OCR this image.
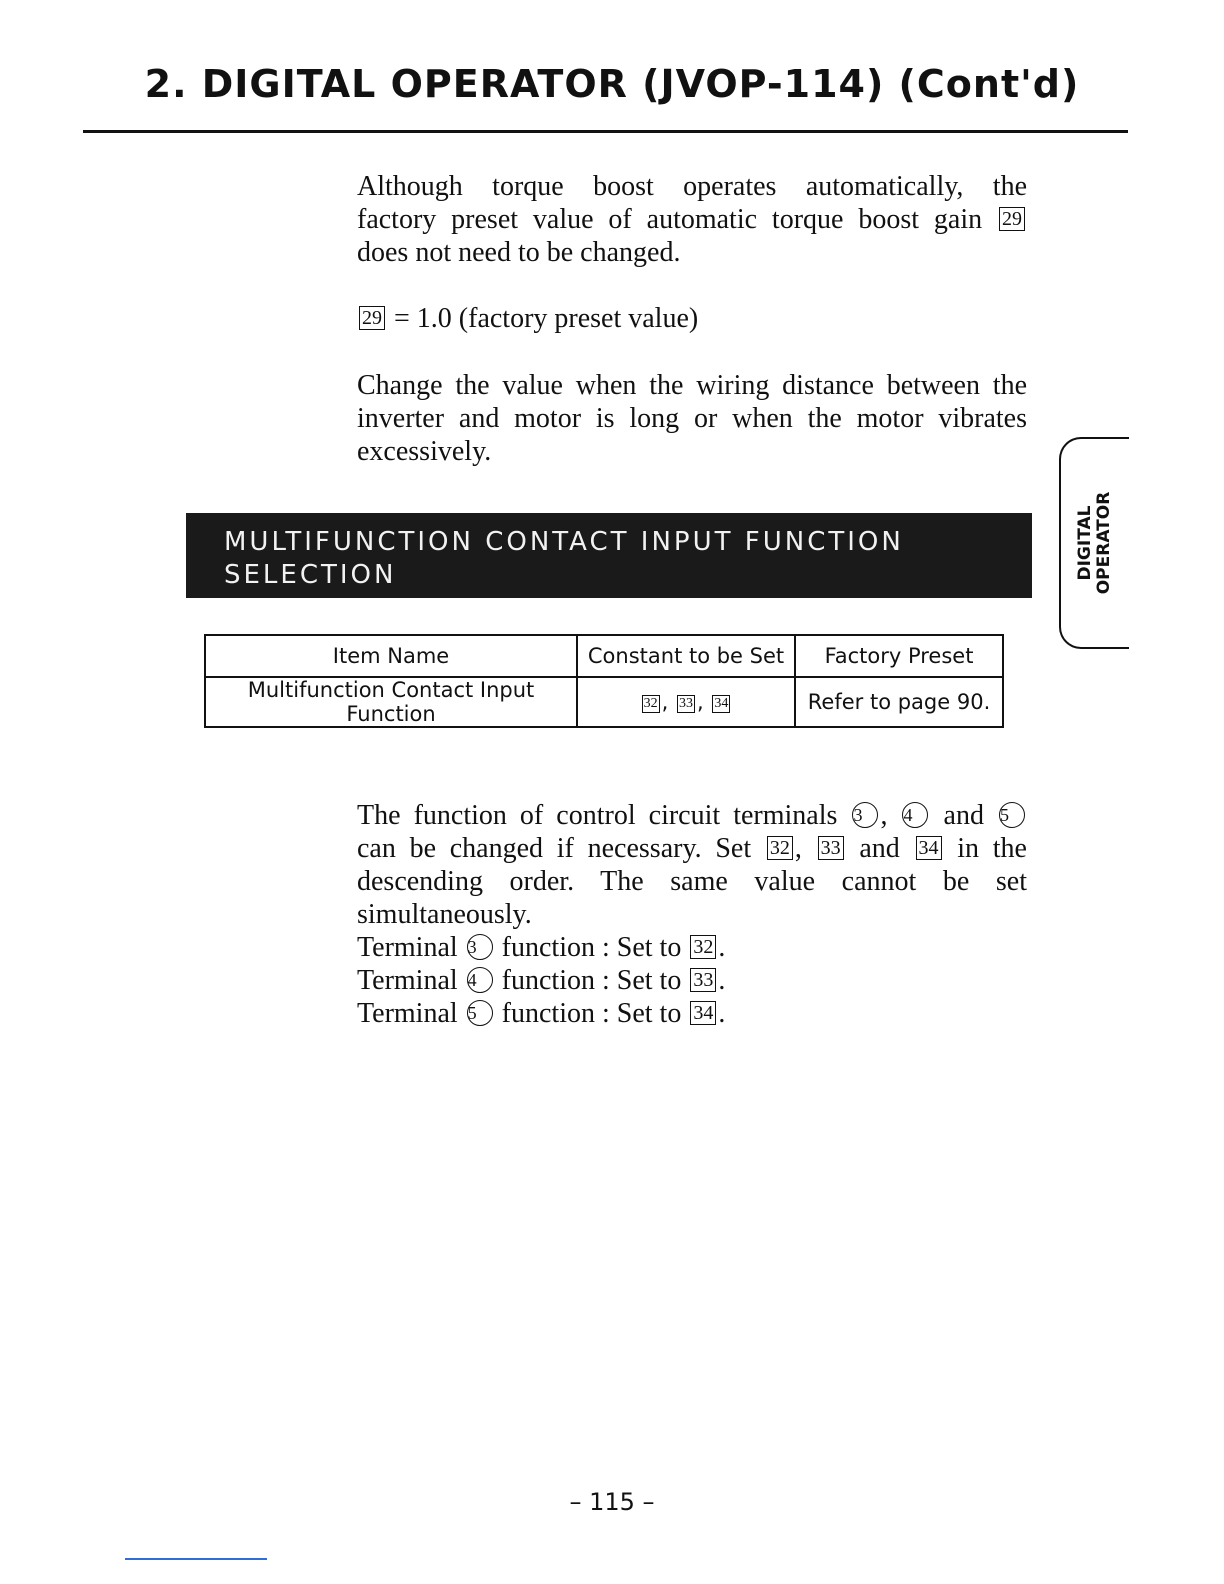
2. DIGITAL OPERATOR (JVOP-114) (Cont'd)
Although torque boost operates automatically, the
factory preset value of automatic torque boost gain 29
does not need to be changed.
29 = 1.0 (factory preset value)
Change the value when the wiring distance between the
inverter and motor is long or when the motor vibrates
excessively.
DIGITAL OPERATOR
MULTIFUNCTION CONTACT INPUT FUNCTION
SELECTION
Item Name	Constant to be Set	Factory Preset
Multifunction Contact Input Function	32 , 33 , 34	Refer to page 90.
The function of control circuit terminals 3 , 4 and 5
can be changed if necessary. Set 32 , 33 and 34 in the
descending order. The same value cannot be set
simultaneously.
Terminal 3 function : Set to 32 .
Terminal 4 function : Set to 33 .
Terminal 5 function : Set to 34 .
– 115 –
